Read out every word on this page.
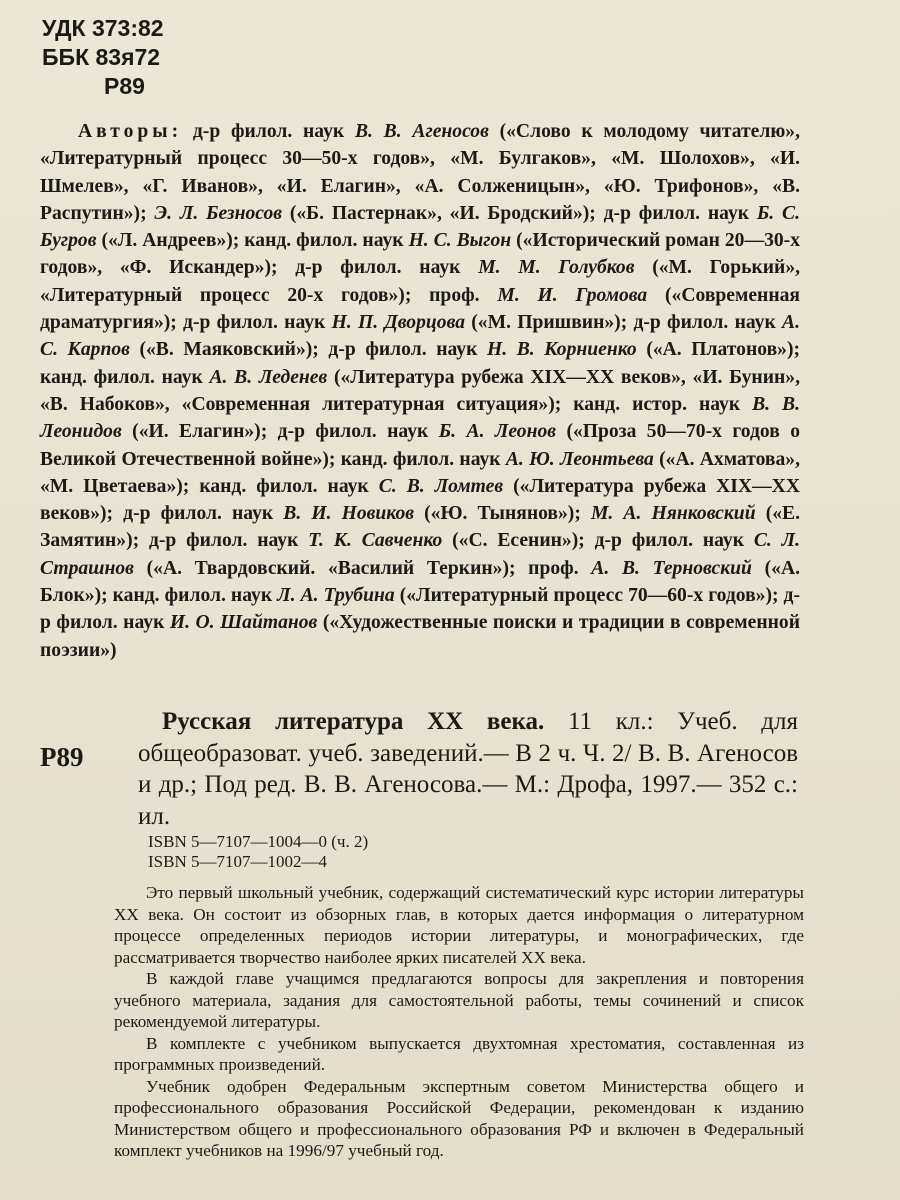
УДК 373:82
ББК 83я72
Р89
Авторы: д-р филол. наук В. В. Агеносов («Слово к молодому читателю», «Литературный процесс 30—50-х годов», «М. Булгаков», «М. Шолохов», «И. Шмелев», «Г. Иванов», «И. Елагин», «А. Солженицын», «Ю. Трифонов», «В. Распутин»); Э. Л. Безносов («Б. Пастернак», «И. Бродский»); д-р филол. наук Б. С. Бугров («Л. Андреев»); канд. филол. наук Н. С. Выгон («Исторический роман 20—30-х годов», «Ф. Искандер»); д-р филол. наук М. М. Голубков («М. Горький», «Литературный процесс 20-х годов»); проф. М. И. Громова («Современная драматургия»); д-р филол. наук Н. П. Дворцова («М. Пришвин»); д-р филол. наук А. С. Карпов («В. Маяковский»); д-р филол. наук Н. В. Корниенко («А. Платонов»); канд. филол. наук А. В. Леденев («Литература рубежа XIX—XX веков», «И. Бунин», «В. Набоков», «Современная литературная ситуация»); канд. истор. наук В. В. Леонидов («И. Елагин»); д-р филол. наук Б. А. Леонов («Проза 50—70-х годов о Великой Отечественной войне»); канд. филол. наук А. Ю. Леонтьева («А. Ахматова», «М. Цветаева»); канд. филол. наук С. В. Ломтев («Литература рубежа XIX—XX веков»); д-р филол. наук В. И. Новиков («Ю. Тынянов»); М. А. Нянковский («Е. Замятин»); д-р филол. наук Т. К. Савченко («С. Есенин»); д-р филол. наук С. Л. Страшнов («А. Твардовский. «Василий Теркин»); проф. А. В. Терновский («А. Блок»); канд. филол. наук Л. А. Трубина («Литературный процесс 70—60-х годов»); д-р филол. наук И. О. Шайтанов («Художественные поиски и традиции в современной поэзии»)
Р89
Русская литература XX века. 11 кл.: Учеб. для общеобразоват. учеб. заведений.— В 2 ч. Ч. 2/ В. В. Агеносов и др.; Под ред. В. В. Агеносова.— М.: Дрофа, 1997.— 352 с.: ил.
ISBN 5—7107—1004—0 (ч. 2)
ISBN 5—7107—1002—4

Это первый школьный учебник, содержащий систематический курс истории литературы XX века. Он состоит из обзорных глав, в которых дается информация о литературном процессе определенных периодов истории литературы, и монографических, где рассматривается творчество наиболее ярких писателей XX века.

В каждой главе учащимся предлагаются вопросы для закрепления и повторения учебного материала, задания для самостоятельной работы, темы сочинений и список рекомендуемой литературы.

В комплекте с учебником выпускается двухтомная хрестоматия, составленная из программных произведений.

Учебник одобрен Федеральным экспертным советом Министерства общего и профессионального образования Российской Федерации, рекомендован к изданию Министерством общего и профессионального образования РФ и включен в Федеральный комплект учебников на 1996/97 учебный год.
